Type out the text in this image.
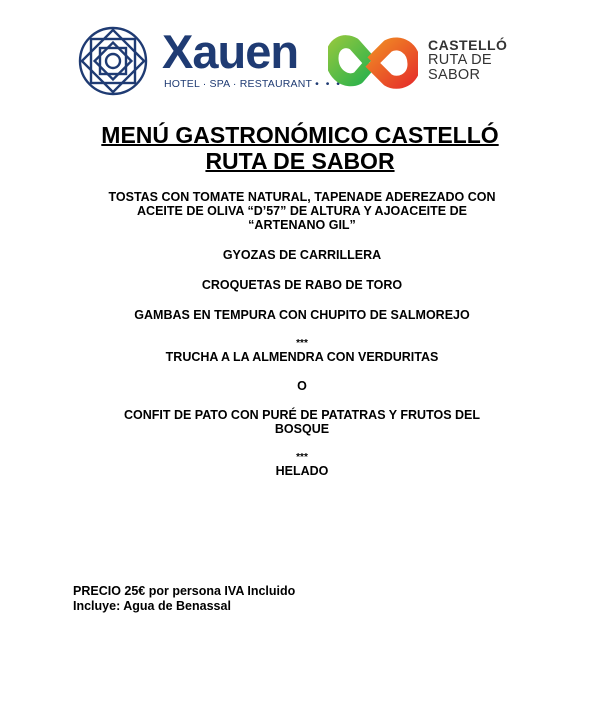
Xauen
HOTEL · SPA · RESTAURANT • • •
CASTELLÓ
RUTA DE
SABOR
MENÚ GASTRONÓMICO CASTELLÓ
RUTA DE SABOR

TOSTAS CON TOMATE NATURAL, TAPENADE ADEREZADO CON

ACEITE DE OLIVA “D’57” DE ALTURA Y AJOACEITE DE

“ARTENANO GIL”

GYOZAS DE CARRILLERA

CROQUETAS DE RABO DE TORO

GAMBAS EN TEMPURA CON CHUPITO DE SALMOREJO

***

TRUCHA A LA ALMENDRA CON VERDURITAS

O

CONFIT DE PATO CON PURÉ DE PATATRAS Y FRUTOS DEL

BOSQUE

***

HELADO

PRECIO 25€ por persona IVA Incluido

Incluye: Agua de Benassal
